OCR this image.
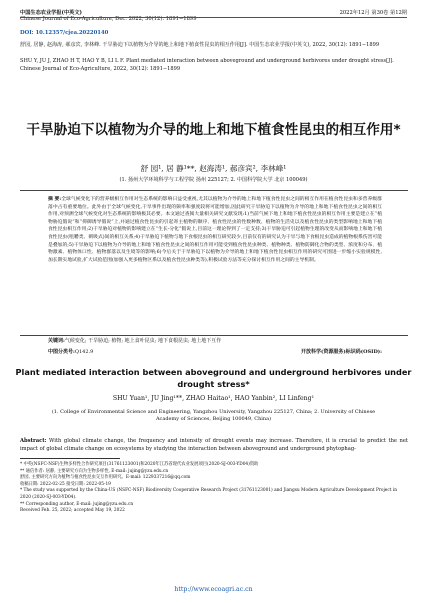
中国生态农业学报(中英文)
Chinese Journal of Eco-Agriculture, Dec. 2022, 30(12): 1891−1899
2022年12月 第30卷 第12期
DOI: 10.12357/cjea.20220140
舒园, 居静, 赵海涛, 郝彦宾, 李林峰. 干旱胁迫下以植物为介导的地上和地下植食性昆虫的相互作用[J]. 中国生态农业学报(中英文), 2022, 30(12): 1891−1899
SHU Y, JU J, ZHAO H T, HAO Y B, LI L F. Plant mediated interaction between aboveground and underground herbivores under drought stress[J]. Chinese Journal of Eco-Agriculture, 2022, 30(12): 1891−1899
干旱胁迫下以植物为介导的地上和地下植食性昆虫的相互作用*
舒 园¹, 居 静¹**, 赵海涛¹, 郝彦宾², 李林峰¹
(1. 扬州大学环境科学与工程学院 扬州 225127; 2. 中国科学院大学 北京 100049)
摘 要:全球气候变化下的营养级相互作用对生态系统的影响日益受重视,尤其以植物为介导的地上和地下植食性昆虫之间的相互作用在植食性昆虫和多营养级群落中占有重要地位。此外由于全球气候变化,干旱事件出现的频率和强度较将可能增加,因此研究干旱胁迫下以植物为介导的地上和地下植食性昆虫之间的相互作用,对预测全球气候变化对生态系统的影响极其必要。本文通过查阅大量相关研究文献发现:1)当前气候下地上和地下植食性昆虫的相互作用主要是建立在“植物胁迫假说”和“抑御诱导假说”上,并通过植食性昆虫的引起寄主植物的顺序、植食性昆虫的性数种数、植物的生活史以及植食性昆虫的类型影响地上和地下植食性昆虫相互作用;2)干旱胁迫对植物的影响建立在“生长-分化”假说上,目前这一理论得到了一定支持;3)干旱胁迫可引起植物生理的改变从而影响地上和地下植食性昆虫(咀嚼类、刺吸式)间的相互关系;4)干旱胁迫下植物与地下食根昆虫的相互研究较少,目前仅有的研究认为干旱与地下食根昆虫造成的植物根系伤害可能是叠加的;5)干旱胁迫下以植物为介导的地上和地下植食性昆虫之间的相互作用可能受到植食性昆虫种类、植物种类、植物防御化合物的类型、浓度和分布、植物激素、植物体口性、植物群落以及生境等的影响;6)今后关于干旱胁迫下以植物为介导的地上和地下植食性昆虫相互作用的研究可围进一步缩小实验规模性,加长期实地试验,扩大试验范围(加强入更多植物区系以及植食性昆虫种类等),积极试验方法等充分探讨相互作用之间的主导机制。
关键词:气候变化; 干旱胁迫; 植物; 地上食叶昆虫; 地下食根昆虫; 地上地下互作
中图分类号:Q142.9	开放科学(资源服务)标识码(OSID):
Plant mediated interaction between aboveground and underground herbivores under drought stress*
SHU Yuan¹, JU Jing¹**, ZHAO Haitao¹, HAO Yanbin², LI Linfeng¹
(1. College of Environmental Science and Engineering, Yangzhou University, Yangzhou 225127, China; 2. University of Chinese Academy of Sciences, Beijing 100049, China)
Abstract: With global climate change, the frequency and intensity of drought events may increase. Therefore, it is crucial to predict the net impact of global climate change on ecosystems by studying the interaction between aboveground and underground phytophag-
* 中英(NSFC-NSF)生物多样性合作研究项目(31761123001)和2020年江苏省现代农业发展项目(2020-SJ-003-YD04)资助
** 通信作者: 居静, 主要研究方向为生物多样性, E-mail: jujing@yzu.edu.cn
舒园, 主要研究方向为植物与植食性昆虫交互作用研究。E-mail: 1229337216@qq.com
收稿日期: 2022-02-25 接受日期: 2022-05-19
* The study was supported by the China-US (NSFC-NSF) Biodiversity Cooperative Research Project (31761123001) and Jiangsu Modern Agriculture Development Project in 2020 (2020-SJ-003-YD04).
** Corresponding author, E-mail: jujing@yzu.edu.cn
Received Feb. 25, 2022; accepted May 19, 2022
http://www.ecoagri.ac.cn
